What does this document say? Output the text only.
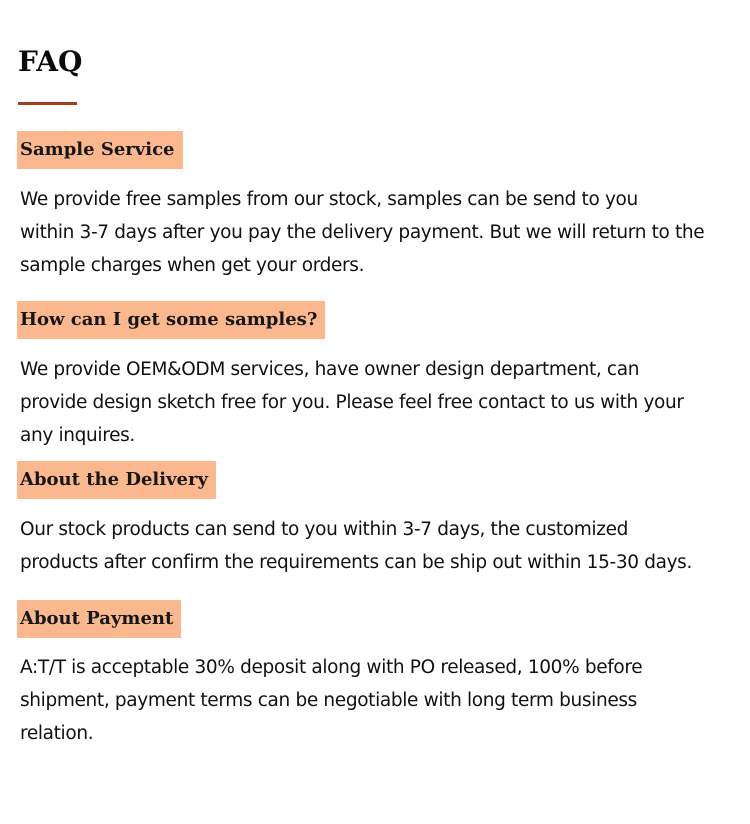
FAQ
Sample Service

We provide free samples from our stock, samples can be send to you
within 3-7 days after you pay the delivery payment. But we will return to the
sample charges when get your orders.

How can I get some samples?

We provide OEM&ODM services, have owner design department, can
provide design sketch free for you. Please feel free contact to us with your
any inquires.

About the Delivery

Our stock products can send to you within 3-7 days, the customized
products after confirm the requirements can be ship out within 15-30 days.

About Payment

A:T/T is acceptable 30% deposit along with PO released, 100% before
shipment, payment terms can be negotiable with long term business
relation.
